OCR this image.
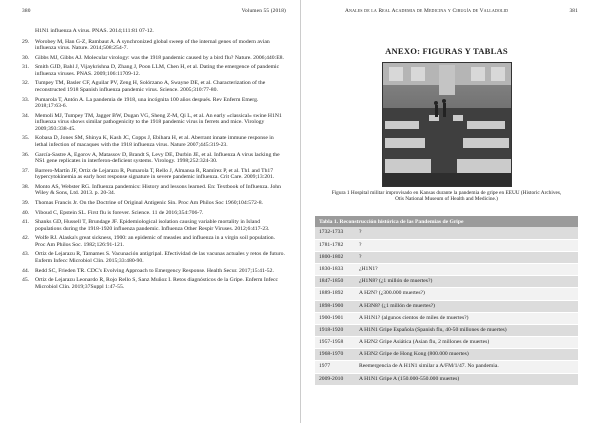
380	Volumen 55 (2018)
H1N1 influenza A virus. PNAS. 2014;111:81 07-12.
29.	Worobey M, Han G-Z, Rambaut A. A synchronized global sweep of the internal genes of modern avian influenza virus. Nature. 2014;508:254-7.
30.	Gibbs MJ, Gibbs AJ. Molecular virology: was the 1918 pandemic caused by a bird flu? Nature. 2006;440:E8.
31.	Smith GJD, Bahl J, Vijaykrishna D, Zhang J, Poon LLM, Chen H, et al. Dating the emergence of pandemic influenza viruses. PNAS. 2009;106:11709-12.
32.	Tumpey TM, Basler CF, Aguilar PV, Zeng H, Solórzano A, Swayne DE, et al. Characterization of the reconstructed 1918 Spanish influenza pandemic virus. Science. 2005;310:77-80.
33.	Pumarola T, Antón A. La pandemia de 1918, una incógnita 100 años después. Rev Enferm Emerg. 2018;17:63-6.
34.	Memoli MJ, Tumpey TM, Jagger BW, Dugan VG, Sheng Z-M, Qi L, et al. An early «classical» swine H1N1 influenza virus shows similar pathogenicity to the 1918 pandemic virus in ferrets and mice. Virology 2009;393:338-45.
35.	Kobasa D, Jones SM, Shinya K, Kash JC, Copps J, Ebihara H, et al. Aberrant innate immune response in lethal infection of macaques with the 1918 influenza virus. Nature 2007;445:319-23.
36.	García-Sastre A, Egorov A, Matassov D, Brandt S, Levy DE, Durbin JE, et al. Influenza A virus lacking the NS1 gene replicates in interferon-deficient systems. Virology. 1998;252:324-30.
37.	Barrero-Martín JF, Ortiz de Lejarazu R, Pumarola T, Rello J, Almansa R, Ramírez P, et al. Th1 and Th17 hypercytokinemia as early host response signature in severe pandemic influenza. Crit Care. 2009;13:201.
38.	Monto AS, Webster RG. Influenza pandemics: History and lessons learned. En: Textbook of Influenza. John Wiley & Sons, Ltd. 2013. p. 20-34.
39.	Thomas Francis Jr. On the Doctrine of Original Antigenic Sin. Proc Am Philos Soc 1960;104:572-8.
40.	Viboud C, Epstein SL. First flu is forever. Science. 11 de 2016;354:706-7.
41.	Shanks GD, Hussell T, Brundage JF. Epidemiological isolation causing variable mortality in Island populations during the 1918-1920 influenza pandemic. Influenza Other Respir Viruses. 2012;6:417-23.
42.	Wolfe RJ. Alaska's great sickness, 1900: an epidemic of measles and influenza in a virgin soil population. Proc Am Philos Soc. 1982;126:91-121.
43.	Ortiz de Lejarazu R, Tamames S. Vacunación antigripal. Efectividad de las vacunas actuales y retos de futuro. Enferm Infecc Microbiol Clin. 2015;33:480-90.
44.	Redd SC, Frieden TR. CDC's Evolving Approach to Emergency Response. Health Secur. 2017;15:41-52.
45.	Ortiz de Lejarazu Leonardo R, Rojo Rello S, Sanz Muñoz I. Retos diagnósticos de la Gripe. Enferm Infecc Microbiol Clin. 2019;37Suppl 1:47-55.
Anales de la Real Academia de Medicina y Cirugía de Valladolid	381
ANEXO: FIGURAS Y TABLAS
Figura 1 Hospital militar improvisado en Kansas durante la pandemia de gripe en EEUU (Historic Archives, Otis National Museum of Health and Medicine.)
Tabla 1. Reconstrucción histórica de las Pandemias de Gripe
1732-1733	?
1781-1782	?
1800-1802	?
1830-1833	¿H1N1?
1847-1850	¿H1N8? (¿1 millón de muertes?)
1889-1892	A H2N? (¿300.000 muertes?)
1898-1900	A H3N8? (¿1 millón de muertes?)
1900-1901	A H1N1? (algunos cientos de miles de muertes?)
1918-1920	A H1N1 Gripe Española (Spanish flu, 40-50 millones de muertes)
1957-1958	A H2N2 Gripe Asiática (Asian flu, 2 millones de muertes)
1968-1970	A H3N2 Gripe de Hong Kong (800.000 muertes)
1977	Reemergencia de A H1N1 similar a A/FM/1/47. No pandemia.
2009-2010	A H1N1 Gripe A (150.000-550.000 muertes)
